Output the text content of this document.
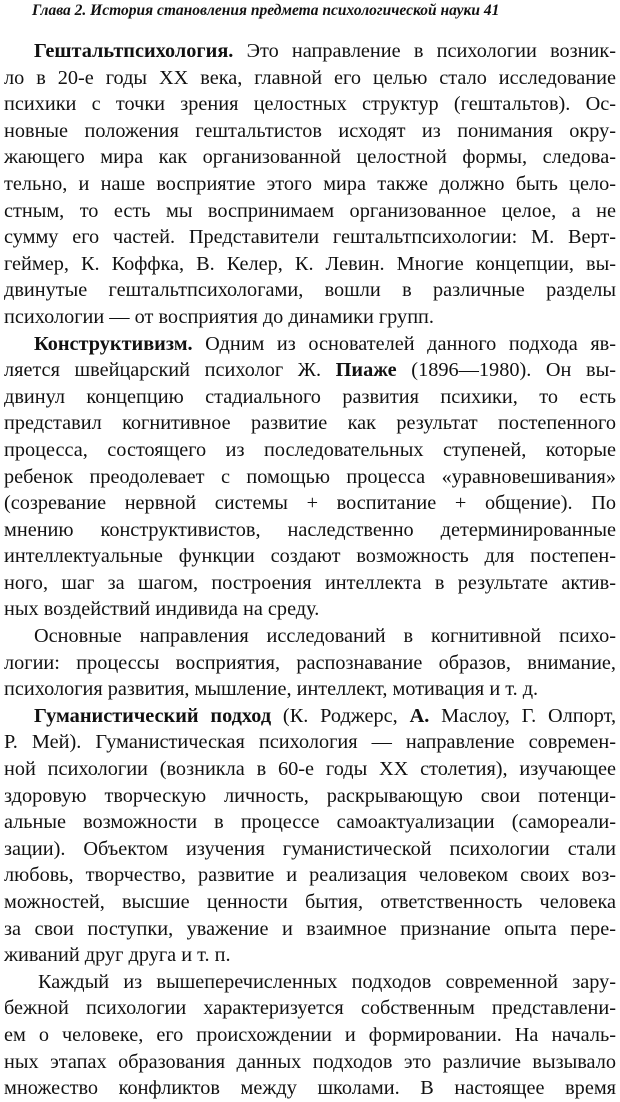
Глава 2. История становления предмета психологической науки 41
Гештальтпсихология. Это направление в психологии возник-
ло в 20-е годы XX века, главной его целью стало исследование
психики с точки зрения целостных структур (гештальтов). Ос-
новные положения гештальтистов исходят из понимания окру-
жающего мира как организованной целостной формы, следова-
тельно, и наше восприятие этого мира также должно быть цело-
стным, то есть мы воспринимаем организованное целое, а не
сумму его частей. Представители гештальтпсихологии: М. Верт-
геймер, К. Коффка, В. Келер, К. Левин. Многие концепции, вы-
двинутые гештальтпсихологами, вошли в различные разделы
психологии — от восприятия до динамики групп.
Конструктивизм. Одним из основателей данного подхода яв-
ляется швейцарский психолог Ж. Пиаже (1896—1980). Он вы-
двинул концепцию стадиального развития психики, то есть
представил когнитивное развитие как результат постепенного
процесса, состоящего из последовательных ступеней, которые
ребенок преодолевает с помощью процесса «уравновешивания»
(созревание нервной системы + воспитание + общение). По
мнению конструктивистов, наследственно детерминированные
интеллектуальные функции создают возможность для постепен-
ного, шаг за шагом, построения интеллекта в результате актив-
ных воздействий индивида на среду.
Основные направления исследований в когнитивной психо-
логии: процессы восприятия, распознавание образов, внимание,
психология развития, мышление, интеллект, мотивация и т. д.
Гуманистический подход (К. Роджерс, А. Маслоу, Г. Олпорт,
Р. Мей). Гуманистическая психология — направление современ-
ной психологии (возникла в 60-е годы XX столетия), изучающее
здоровую творческую личность, раскрывающую свои потенци-
альные возможности в процессе самоактуализации (самореали-
зации). Объектом изучения гуманистической психологии стали
любовь, творчество, развитие и реализация человеком своих воз-
можностей, высшие ценности бытия, ответственность человека
за свои поступки, уважение и взаимное признание опыта пере-
живаний друг друга и т. п.
Каждый из вышеперечисленных подходов современной зару-
бежной психологии характеризуется собственным представлени-
ем о человеке, его происхождении и формировании. На началь-
ных этапах образования данных подходов это различие вызывало
множество конфликтов между школами. В настоящее время
